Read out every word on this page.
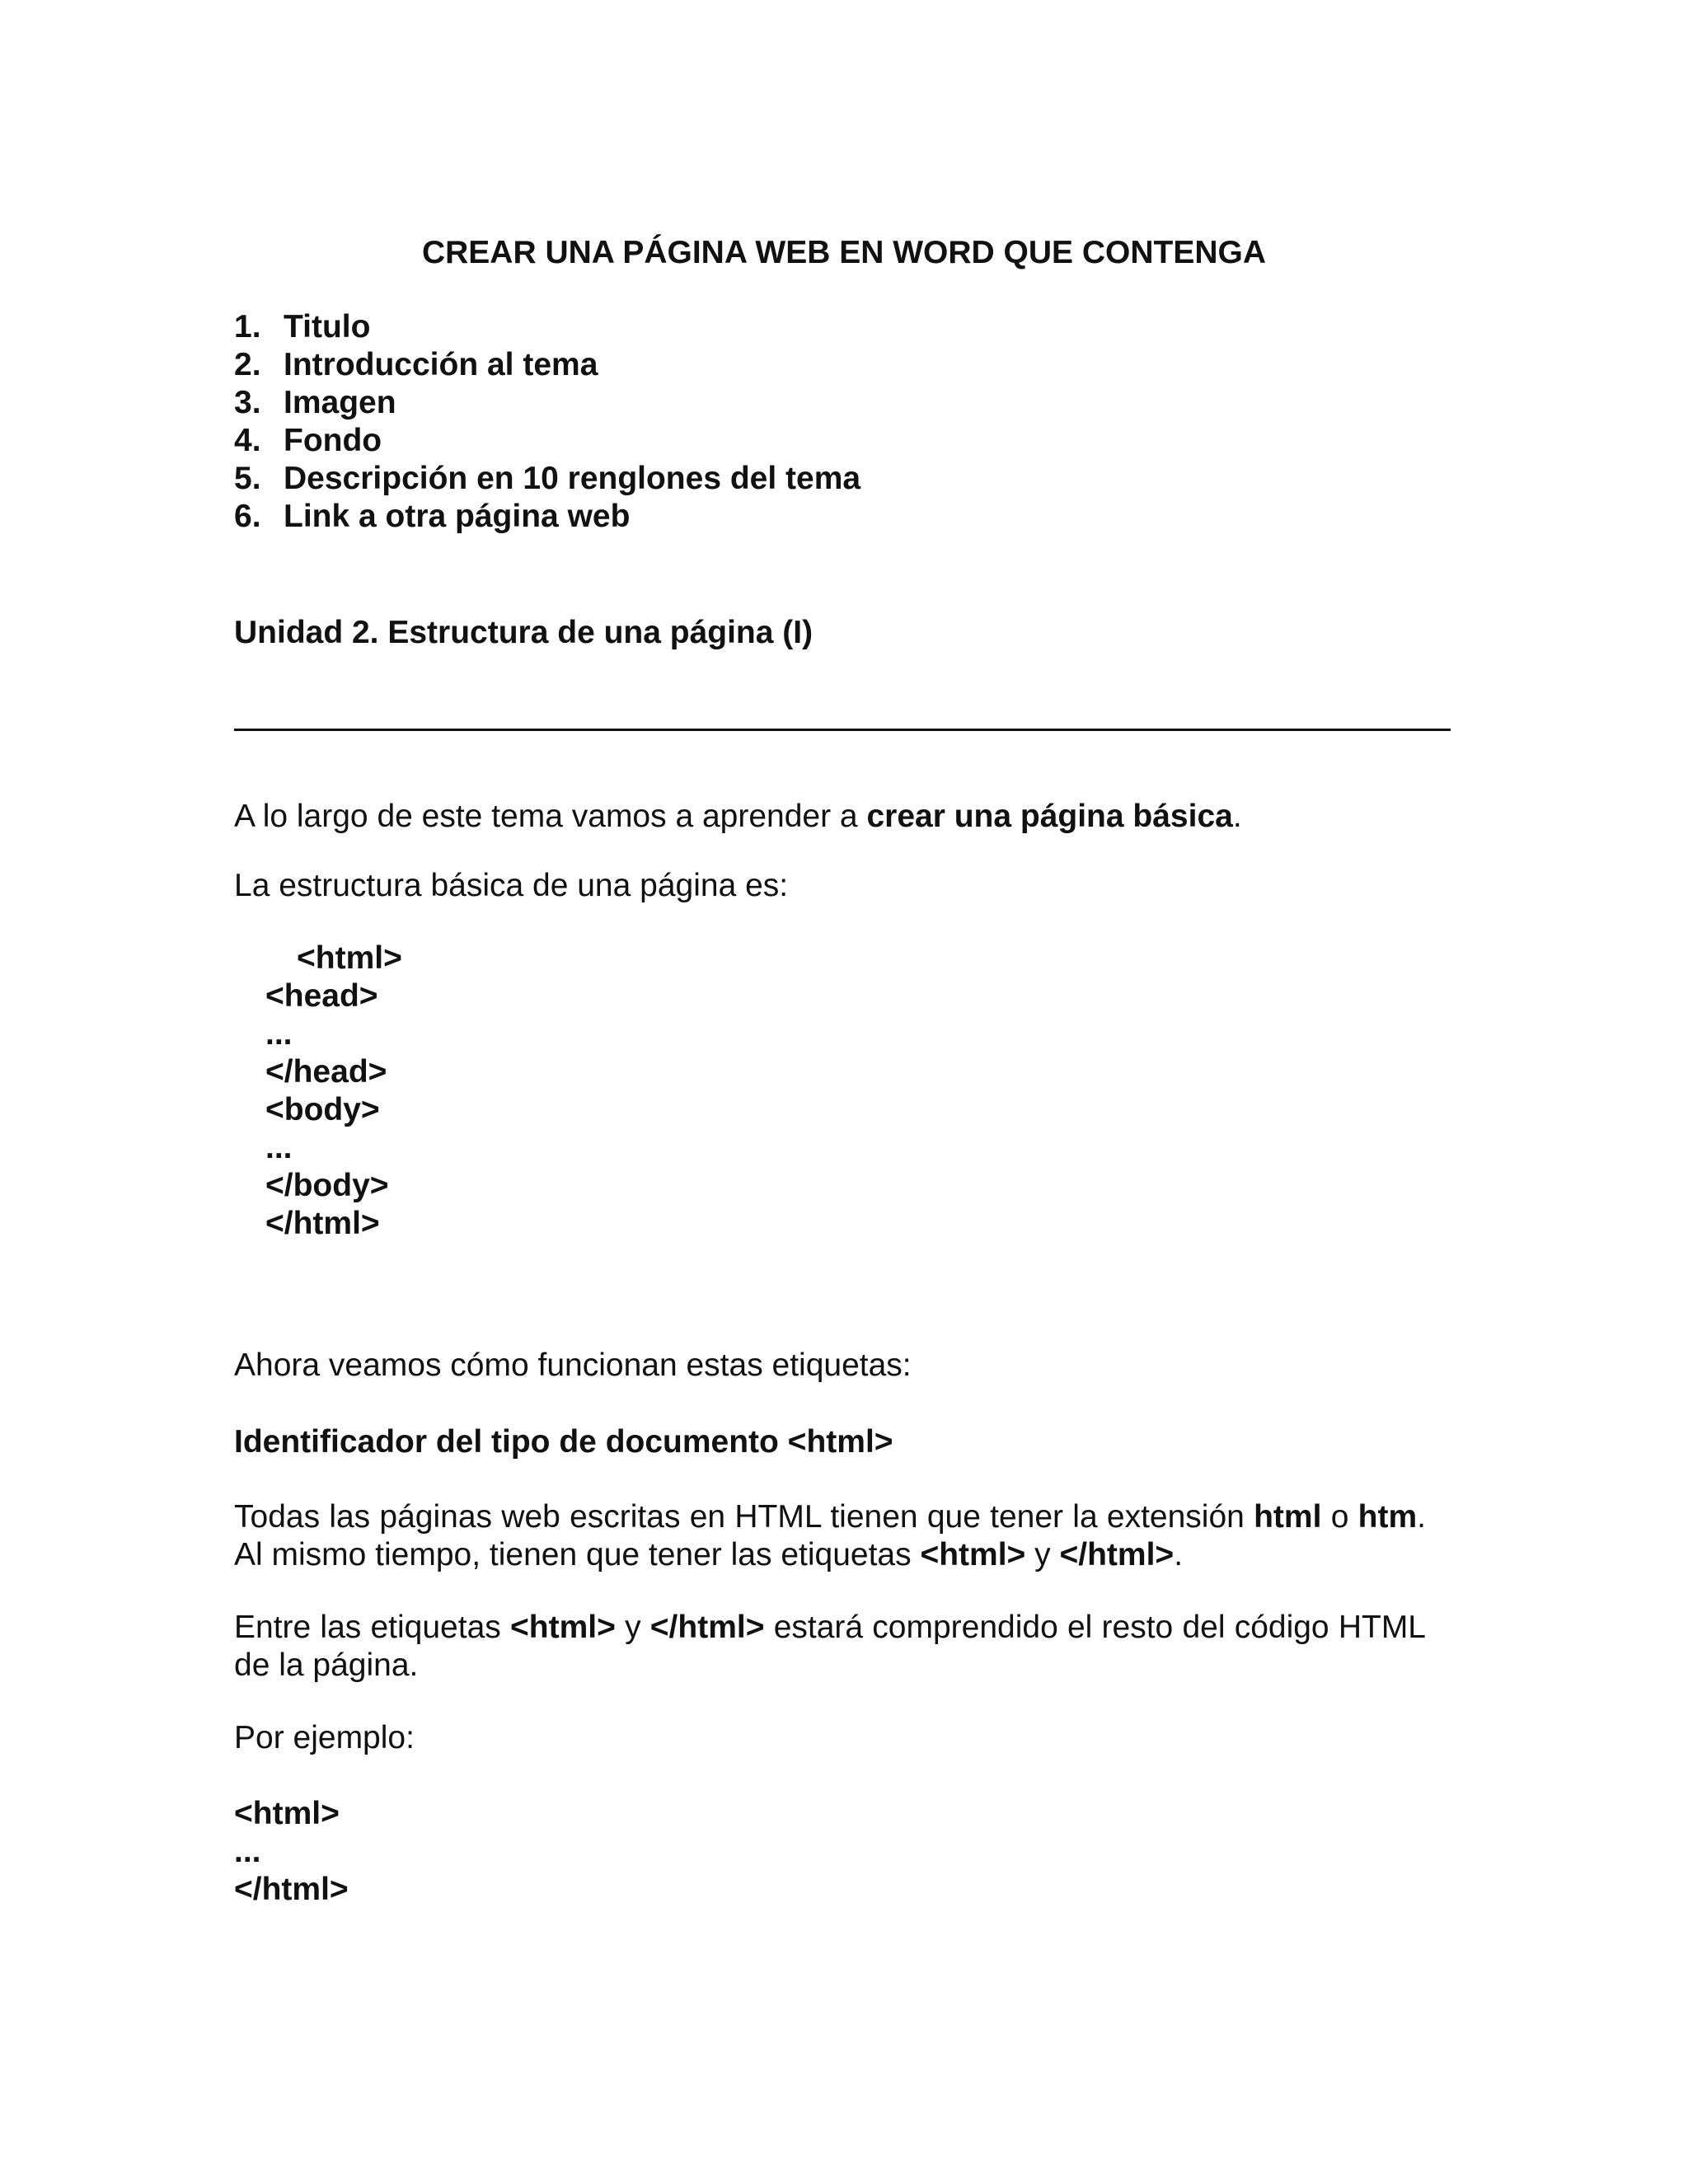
CREAR UNA PÁGINA WEB EN WORD QUE CONTENGA
1. Titulo
2. Introducción al tema
3. Imagen
4. Fondo
5. Descripción en 10 renglones del tema
6. Link a otra página web
Unidad 2. Estructura de una página (I)
A lo largo de este tema vamos a aprender a crear una página básica.
La estructura básica de una página es:
<html>
<head>
...
</head>
<body>
...
</body>
</html>
Ahora veamos cómo funcionan estas etiquetas:
Identificador del tipo de documento <html>
Todas las páginas web escritas en HTML tienen que tener la extensión html o htm. Al mismo tiempo, tienen que tener las etiquetas <html> y </html>.
Entre las etiquetas <html> y </html> estará comprendido el resto del código HTML de la página.
Por ejemplo:
<html>
...
</html>
